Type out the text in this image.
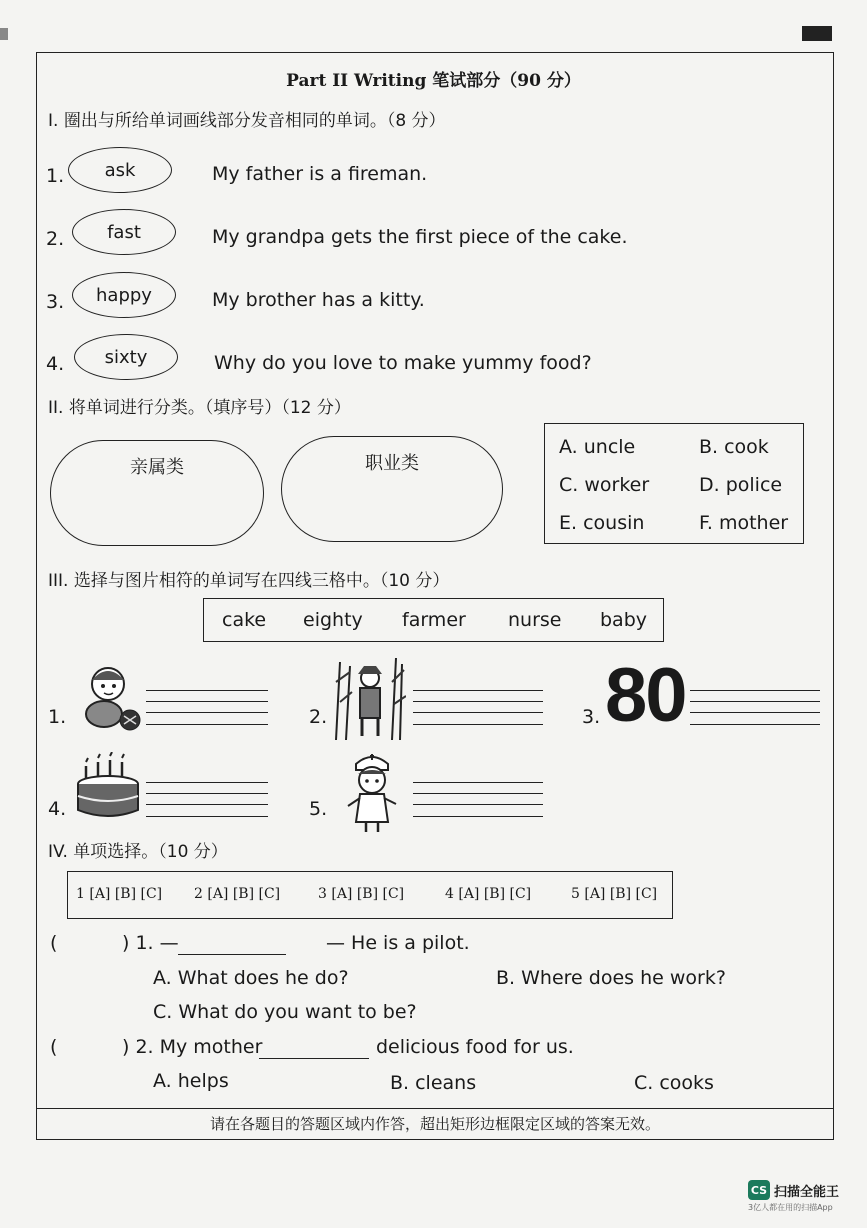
Part II Writing 笔试部分（90 分）
I. 圈出与所给单词画线部分发音相同的单词。（8 分）
1. ask	My father is a fireman.
2. fast	My grandpa gets the first piece of the cake.
3. happy	My brother has a kitty.
4. sixty	Why do you love to make yummy food?
II. 将单词进行分类。（填序号）（12 分）
亲属类	职业类
A. uncle	B. cook
C. worker	D. police
E. cousin	F. mother
III. 选择与图片相符的单词写在四线三格中。（10 分）
cake eighty farmer nurse baby
1.	2.	3. 80
4.	5.
IV. 单项选择。（10 分）
1 [A] [B] [C] 2 [A] [B] [C]	3 [A] [B] [C]	4 [A] [B] [C]	5 [A] [B] [C]
(	) 1. —	— He is a pilot.
A. What does he do?	B. Where does he work?
C. What do you want to be?
(	) 2. My mother	delicious food for us.
A. helps	B. cleans	C. cooks
请在各题目的答题区域内作答，超出矩形边框限定区域的答案无效。
CS 扫描全能王
3亿人都在用的扫描App
